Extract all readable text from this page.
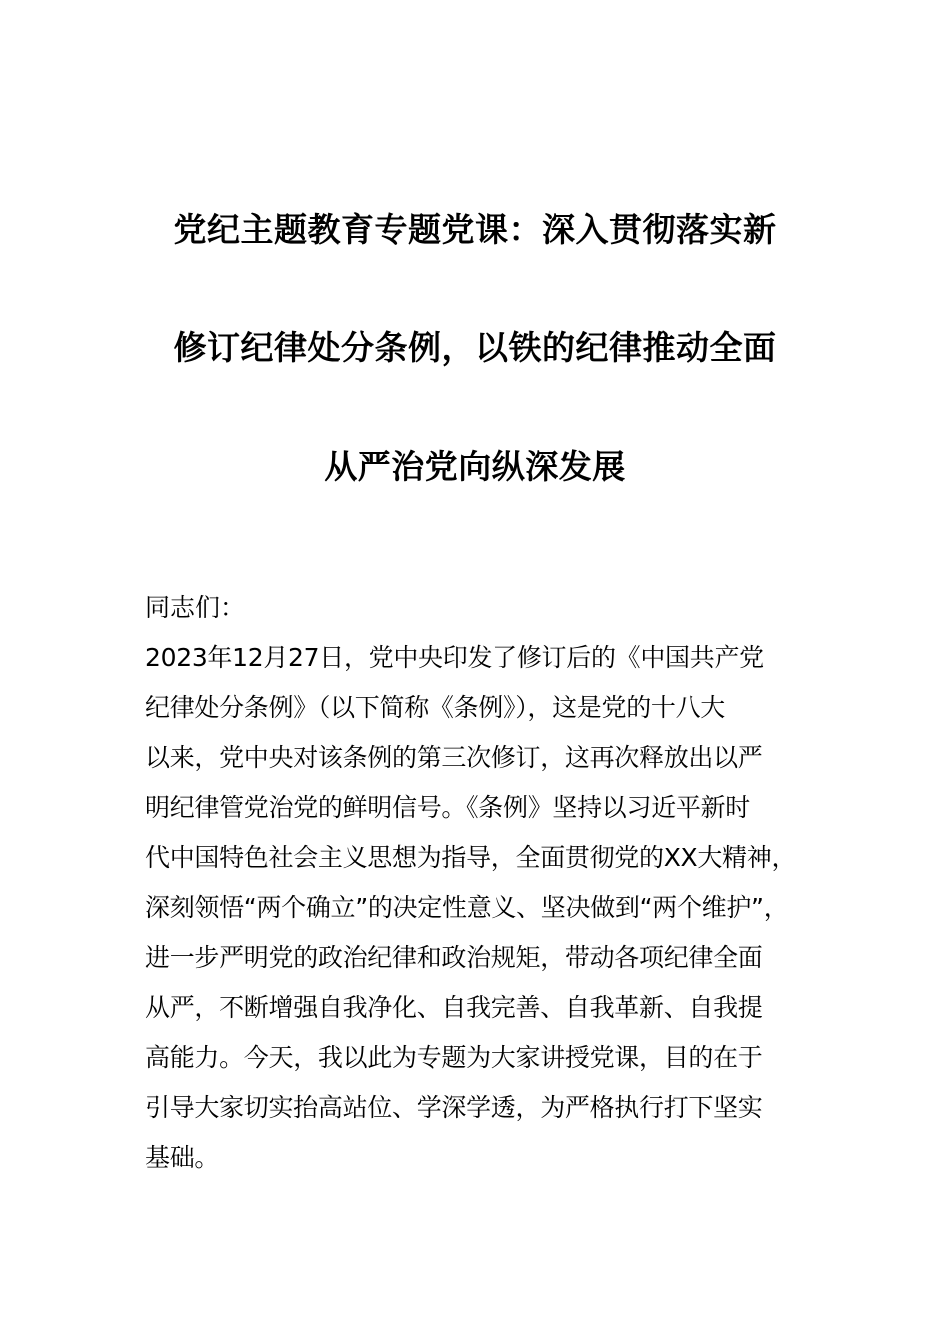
党纪主题教育专题党课：深入贯彻落实新
修订纪律处分条例，以铁的纪律推动全面
从严治党向纵深发展
同志们：
2023年12月27日，党中央印发了修订后的《中国共产党
纪律处分条例》（以下简称《条例》），这是党的十八大
以来，党中央对该条例的第三次修订，这再次释放出以严
明纪律管党治党的鲜明信号。《条例》坚持以习近平新时
代中国特色社会主义思想为指导，全面贯彻党的XX大精神，
深刻领悟“两个确立”的决定性意义、坚决做到“两个维护”，
进一步严明党的政治纪律和政治规矩，带动各项纪律全面
从严，不断增强自我净化、自我完善、自我革新、自我提
高能力。今天，我以此为专题为大家讲授党课，目的在于
引导大家切实抬高站位、学深学透，为严格执行打下坚实
基础。
